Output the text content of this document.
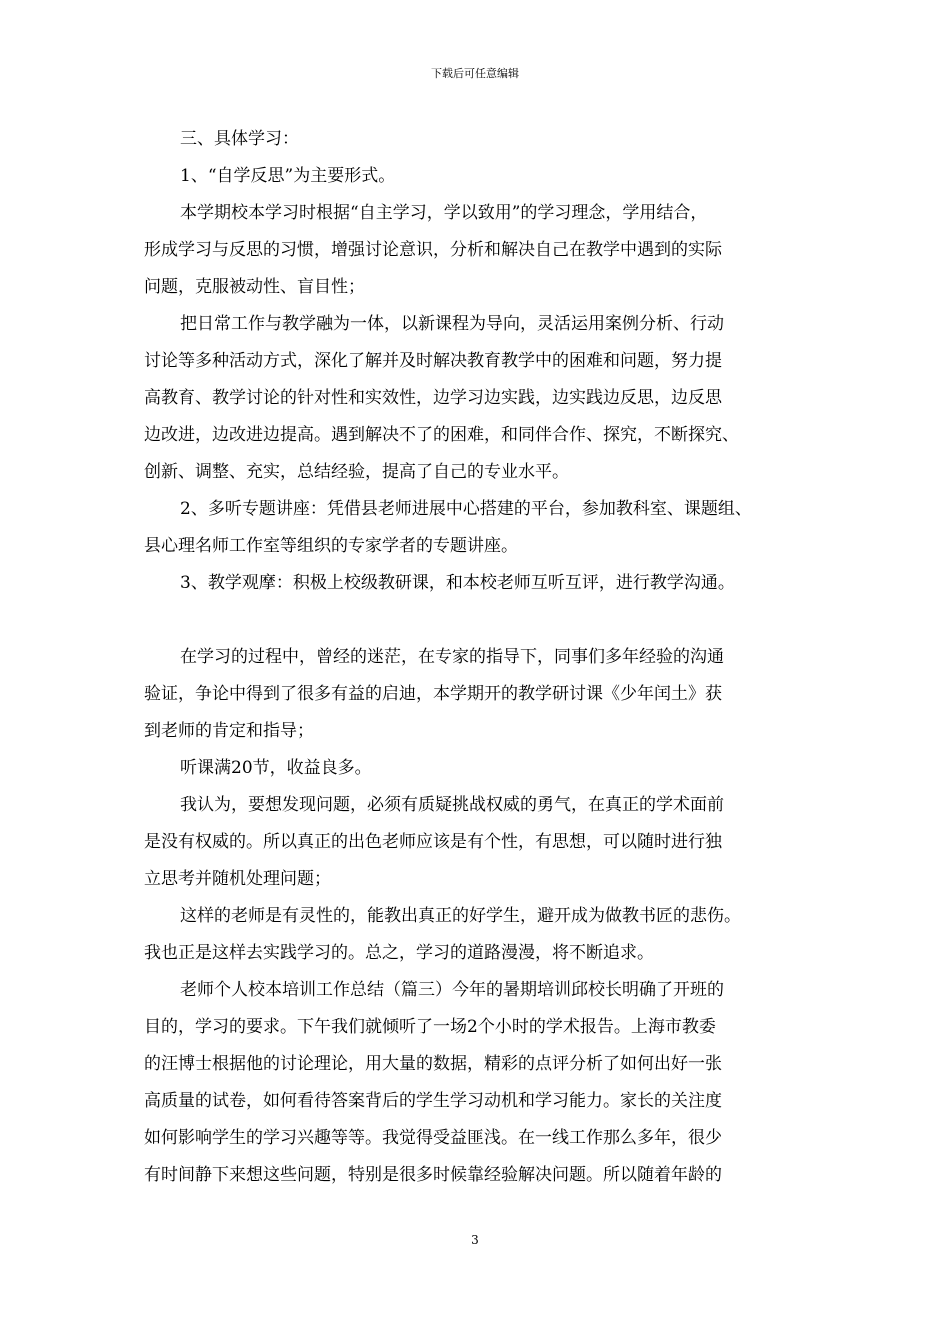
下载后可任意编辑
三、具体学习：
1、“自学反思”为主要形式。
本学期校本学习时根据“自主学习，学以致用”的学习理念，学用结合，
形成学习与反思的习惯，增强讨论意识，分析和解决自己在教学中遇到的实际
问题，克服被动性、盲目性；
把日常工作与教学融为一体，以新课程为导向，灵活运用案例分析、行动
讨论等多种活动方式，深化了解并及时解决教育教学中的困难和问题，努力提
高教育、教学讨论的针对性和实效性，边学习边实践，边实践边反思，边反思
边改进，边改进边提高。遇到解决不了的困难，和同伴合作、探究，不断探究、
创新、调整、充实，总结经验，提高了自己的专业水平。
2、多听专题讲座：凭借县老师进展中心搭建的平台，参加教科室、课题组、
县心理名师工作室等组织的专家学者的专题讲座。
3、教学观摩：积极上校级教研课，和本校老师互听互评，进行教学沟通。
在学习的过程中，曾经的迷茫，在专家的指导下，同事们多年经验的沟通
验证，争论中得到了很多有益的启迪，本学期开的教学研讨课《少年闰土》获
到老师的肯定和指导；
听课满20节，收益良多。
我认为，要想发现问题，必须有质疑挑战权威的勇气，在真正的学术面前
是没有权威的。所以真正的出色老师应该是有个性，有思想，可以随时进行独
立思考并随机处理问题；
这样的老师是有灵性的，能教出真正的好学生，避开成为做教书匠的悲伤。
我也正是这样去实践学习的。总之，学习的道路漫漫，将不断追求。
老师个人校本培训工作总结（篇三）今年的暑期培训邱校长明确了开班的
目的，学习的要求。下午我们就倾听了一场2个小时的学术报告。上海市教委
的汪博士根据他的讨论理论，用大量的数据，精彩的点评分析了如何出好一张
高质量的试卷，如何看待答案背后的学生学习动机和学习能力。家长的关注度
如何影响学生的学习兴趣等等。我觉得受益匪浅。在一线工作那么多年，很少
有时间静下来想这些问题，特别是很多时候靠经验解决问题。所以随着年龄的
3
